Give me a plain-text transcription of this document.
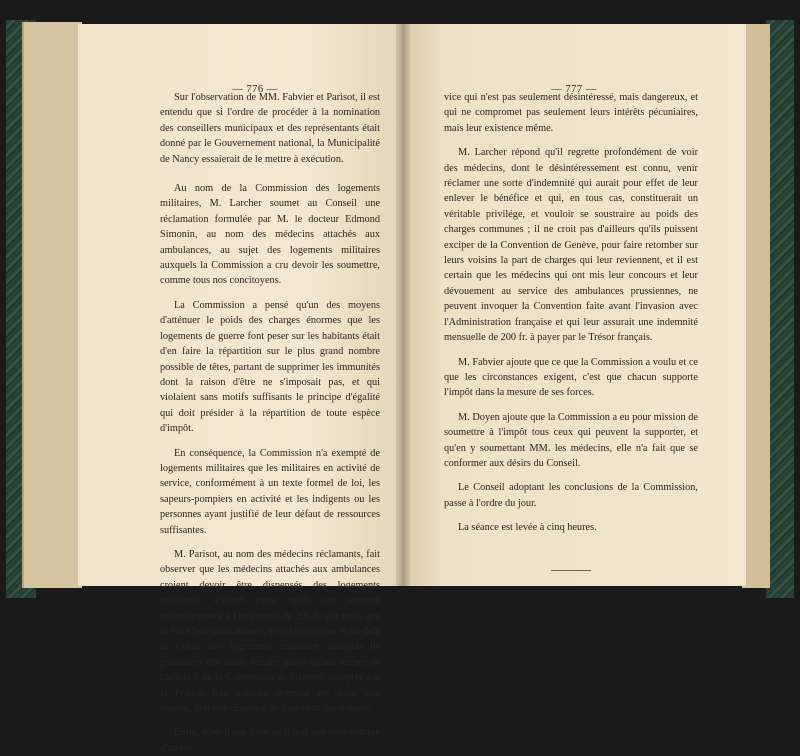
— 776 —

Sur l'observation de MM. Fabvier et Parisot, il est entendu que si l'ordre de procéder à la nomination des conseillers municipaux et des représentants était donné par le Gouvernement national, la Municipalité de Nancy essaierait de le mettre à exécution.

Au nom de la Commission des logements militaires, M. Larcher soumet au Conseil une réclamation formulée par M. le docteur Edmond Simonin, au nom des médecins attachés aux ambulances, au sujet des logements militaires auxquels la Commission a cru devoir les soumettre, comme tous nos concitoyens.

La Commission a pensé qu'un des moyens d'atténuer le poids des charges énormes que les logements de guerre font peser sur les habitants était d'en faire la répartition sur le plus grand nombre possible de têtes, partant de supprimer les immunités dont la raison d'être ne s'imposait pas, et qui violaient sans motifs suffisants le principe d'égalité qui doit présider à la répartition de toute espèce d'impôt.

En conséquence, la Commission n'a exempté de logements militaires que les militaires en activité de service, conformément à un texte formel de loi, les sapeurs-pompiers en activité et les indigents ou les personnes ayant justifié de leur défaut de ressources suffisantes.

M. Parisot, au nom des médecins réclamants, fait observer que les médecins attachés aux ambulances croient devoir être dispensés des logements militaires, d'abord parce qu'ils ont renoncé volontairement à l'indemnité de 200 fr. par mois que la Ville leur avait allouée, et qui représente et au-delà la valeur des logements militaires auxquels ils pourraient être taxés, ensuite parce qu'aux termes de l'article 5 de la Convention de Genève, acceptée par la France, tout habitant donnant ses soins aux blessés, doit être dispensé du logement des troupes.

Enfin, n'est-il pas juste qu'il leur soit tenu compte d'un ser-

— 777 —

vice qui n'est pas seulement désintéressé, mais dangereux, et qui ne compromet pas seulement leurs intérêts pécuniaires, mais leur existence même.

M. Larcher répond qu'il regrette profondément de voir des médecins, dont le désintéressement est connu, venir réclamer une sorte d'indemnité qui aurait pour effet de leur enlever le bénéfice et qui, en tous cas, constituerait un véritable privilége, et vouloir se soustraire au poids des charges communes ; il ne croit pas d'ailleurs qu'ils puissent exciper de la Convention de Genève, pour faire retomber sur leurs voisins la part de charges qui leur reviennent, et il est certain que les médecins qui ont mis leur concours et leur dévouement au service des ambulances prussiennes, ne peuvent invoquer la Convention faite avant l'invasion avec l'Administration française et qui leur assurait une indemnité mensuelle de 200 fr. à payer par le Trésor français.

M. Fabvier ajoute que ce que la Commission a voulu et ce que les circonstances exigent, c'est que chacun supporte l'impôt dans la mesure de ses forces.

M. Doyen ajoute que la Commission a eu pour mission de soumettre à l'impôt tous ceux qui peuvent la supporter, et qu'en y soumettant MM. les médecins, elle n'a fait que se conformer aux désirs du Conseil.

Le Conseil adoptant les conclusions de la Commission, passe à l'ordre du jour.

La séance est levée à cinq heures.
